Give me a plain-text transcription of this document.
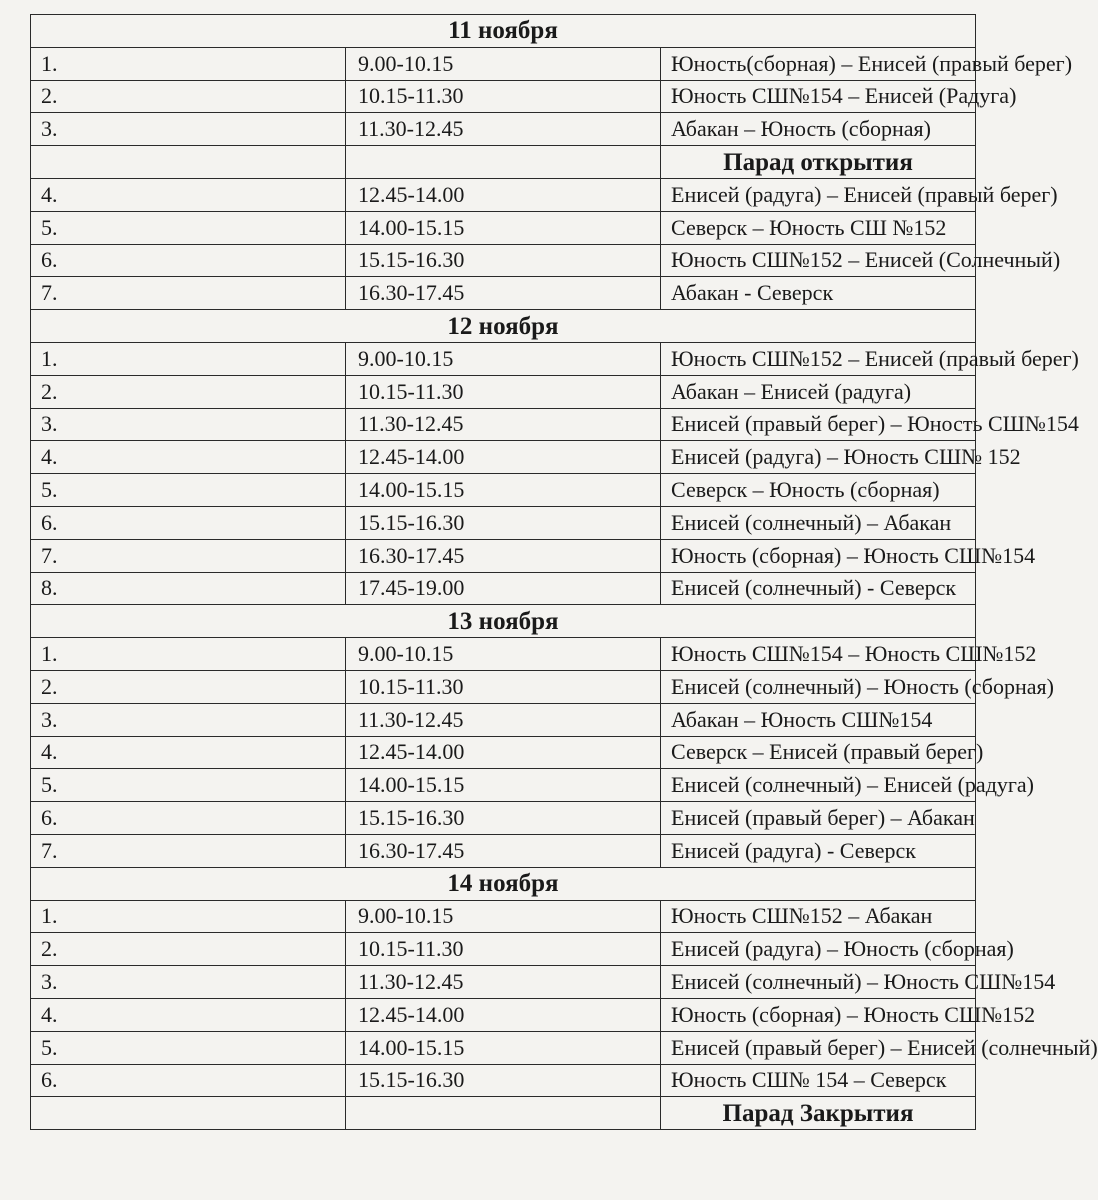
11 ноября		
1.	9.00-10.15	Юность(сборная) – Енисей (правый берег)
2.	10.15-11.30	Юность СШ№154 – Енисей (Радуга)
3.	11.30-12.45	Абакан – Юность (сборная)
		Парад открытия
4.	12.45-14.00	Енисей (радуга) – Енисей (правый берег)
5.	14.00-15.15	Северск – Юность СШ №152
6.	15.15-16.30	Юность СШ№152 – Енисей (Солнечный)
7.	16.30-17.45	Абакан - Северск
12 ноября		
1.	9.00-10.15	Юность СШ№152 – Енисей (правый берег)
2.	10.15-11.30	Абакан – Енисей (радуга)
3.	11.30-12.45	Енисей (правый берег) – Юность СШ№154
4.	12.45-14.00	Енисей (радуга) – Юность СШ№ 152
5.	14.00-15.15	Северск – Юность (сборная)
6.	15.15-16.30	Енисей (солнечный) – Абакан
7.	16.30-17.45	Юность (сборная) – Юность СШ№154
8.	17.45-19.00	Енисей (солнечный) - Северск
13 ноября		
1.	9.00-10.15	Юность СШ№154 – Юность СШ№152
2.	10.15-11.30	Енисей (солнечный) – Юность (сборная)
3.	11.30-12.45	Абакан – Юность СШ№154
4.	12.45-14.00	Северск – Енисей (правый берег)
5.	14.00-15.15	Енисей (солнечный) – Енисей (радуга)
6.	15.15-16.30	Енисей (правый берег) – Абакан
7.	16.30-17.45	Енисей (радуга) - Северск
14 ноября		
1.	9.00-10.15	Юность СШ№152 – Абакан
2.	10.15-11.30	Енисей (радуга) – Юность (сборная)
3.	11.30-12.45	Енисей (солнечный) – Юность СШ№154
4.	12.45-14.00	Юность (сборная) – Юность СШ№152
5.	14.00-15.15	Енисей (правый берег) – Енисей (солнечный)
6.	15.15-16.30	Юность СШ№ 154 – Северск
		Парад Закрытия
